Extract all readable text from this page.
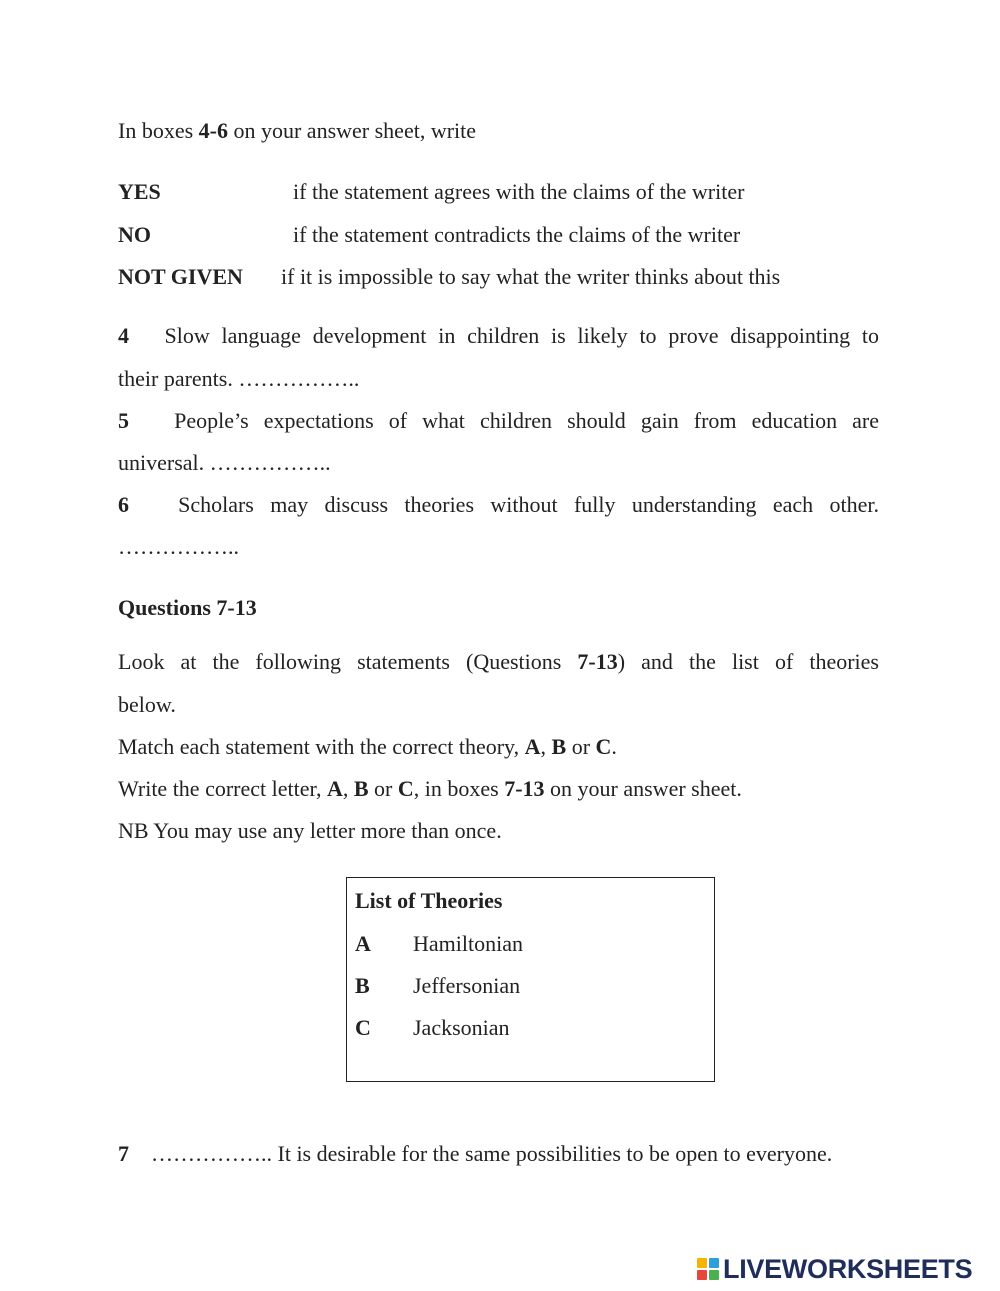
In boxes 4-6 on your answer sheet, write
YES	if the statement agrees with the claims of the writer
NO	if the statement contradicts the claims of the writer
NOT GIVEN if it is impossible to say what the writer thinks about this
4 Slow language development in children is likely to prove disappointing to
their parents. ……………..
5 People’s expectations of what children should gain from education are
universal. ……………..
6 Scholars may discuss theories without fully understanding each other.
……………..
Questions 7-13
Look at the following statements (Questions 7-13) and the list of theories
below.
Match each statement with the correct theory, A, B or C.
Write the correct letter, A, B or C, in boxes 7-13 on your answer sheet.
NB You may use any letter more than once.
List of Theories
A Hamiltonian
B Jeffersonian
C Jacksonian
7 …………….. It is desirable for the same possibilities to be open to everyone.
LIVEWORKSHEETS
